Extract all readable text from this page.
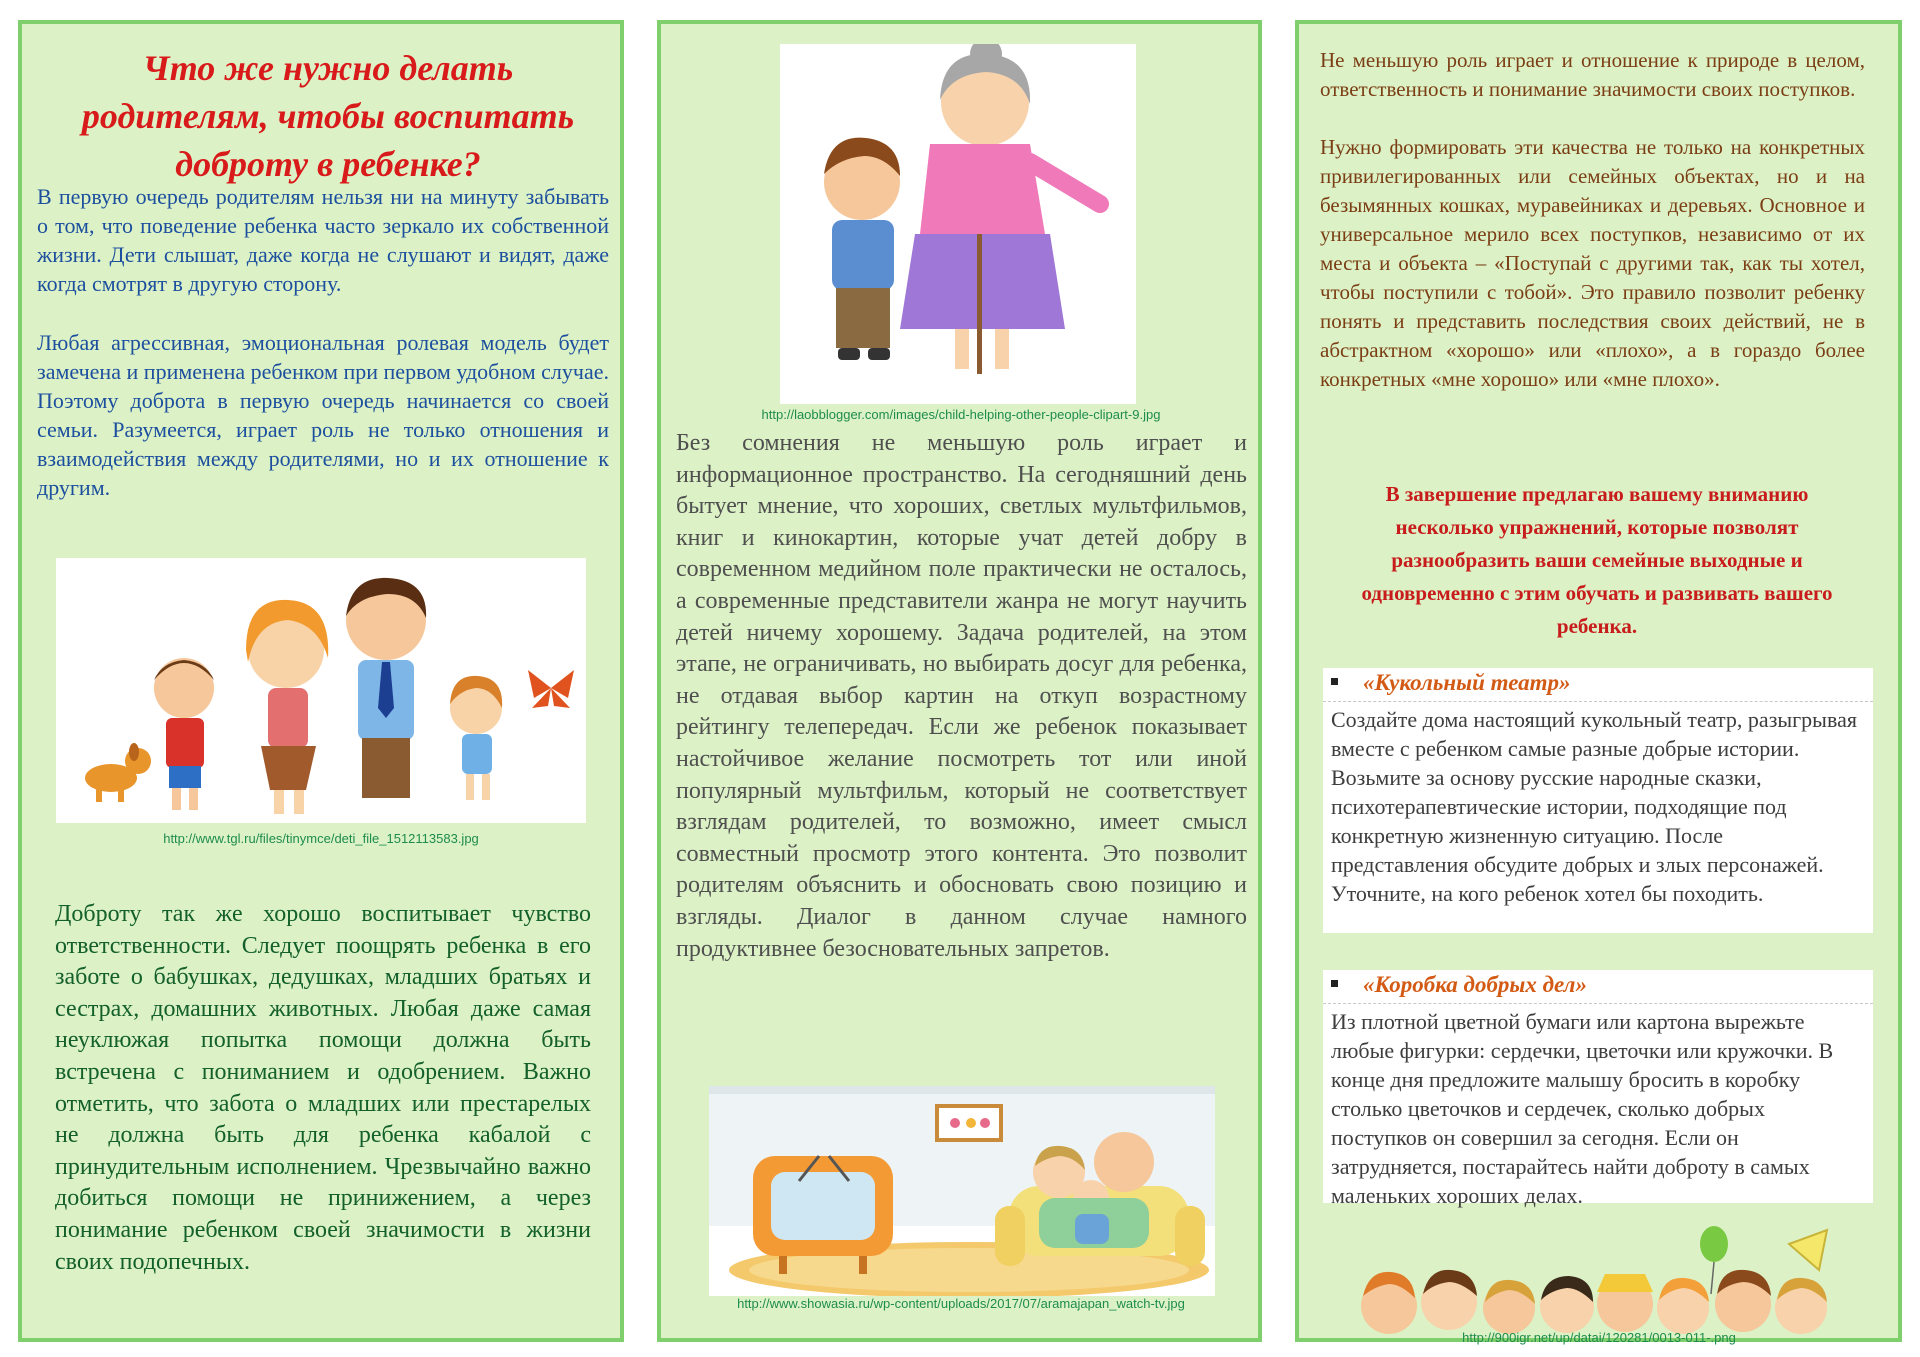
Что же нужно делать родителям, чтобы воспитать доброту в ребенке?

В первую очередь родителям нельзя ни на минуту забывать о том, что поведение ребенка часто зеркало их собственной жизни. Дети слышат, даже когда не слушают и видят, даже когда смотрят в другую сторону.

Любая агрессивная, эмоциональная ролевая модель будет замечена и применена ребенком при первом удобном случае. Поэтому доброта в первую очередь начинается со своей семьи. Разумеется, играет роль не только отношения и взаимодействия между родителями, но и их отношение к другим.

http://www.tgl.ru/files/tinymce/deti_file_1512113583.jpg

Доброту так же хорошо воспитывает чувство ответственности. Следует поощрять ребенка в его заботе о бабушках, дедушках, младших братьях и сестрах, домашних животных. Любая даже самая неуклюжая попытка помощи должна быть встречена с пониманием и одобрением. Важно отметить, что забота о младших или престарелых не должна быть для ребенка кабалой с принудительным исполнением. Чрезвычайно важно добиться помощи не принижением, а через понимание ребенком своей значимости в жизни своих подопечных.

http://laobblogger.com/images/child-helping-other-people-clipart-9.jpg

Без сомнения не меньшую роль играет и информационное пространство. На сегодняшний день бытует мнение, что хороших, светлых мультфильмов, книг и кинокартин, которые учат детей добру в современном медийном поле практически не осталось, а современные представители жанра не могут научить детей ничему хорошему. Задача родителей, на этом этапе, не ограничивать, но выбирать досуг для ребенка, не отдавая выбор картин на откуп возрастному рейтингу телепередач. Если же ребенок показывает настойчивое желание посмотреть тот или иной популярный мультфильм, который не соответствует взглядам родителей, то возможно, имеет смысл совместный просмотр этого контента. Это позволит родителям объяснить и обосновать свою позицию и взгляды. Диалог в данном случае намного продуктивнее безосновательных запретов.

http://www.showasia.ru/wp-content/uploads/2017/07/aramajapan_watch-tv.jpg

Не меньшую роль играет и отношение к природе в целом, ответственность и понимание значимости своих поступков.

Нужно формировать эти качества не только на конкретных привилегированных или семейных объектах, но и на безымянных кошках, муравейниках и деревьях. Основное и универсальное мерило всех поступков, независимо от их места и объекта – «Поступай с другими так, как ты хотел, чтобы поступили с тобой». Это правило позволит ребенку понять и представить последствия своих действий, не в абстрактном «хорошо» или «плохо», а в гораздо более конкретных «мне хорошо» или «мне плохо».

В завершение предлагаю вашему вниманию несколько упражнений, которые позволят разнообразить ваши семейные выходные и одновременно с этим обучать и развивать вашего ребенка.
«Кукольный театр»

Создайте дома настоящий кукольный театр, разыгрывая вместе с ребенком самые разные добрые истории. Возьмите за основу русские народные сказки, психотерапевтические истории, подходящие под конкретную жизненную ситуацию. После представления обсудите добрых и злых персонажей. Уточните, на кого ребенок хотел бы походить.

«Коробка добрых дел»

Из плотной цветной бумаги или картона вырежьте любые фигурки: сердечки, цветочки или кружочки. В конце дня предложите малышу бросить в коробку столько цветочков и сердечек, сколько добрых поступков он совершил за сегодня. Если он затрудняется, постарайтесь найти доброту в самых маленьких хороших делах.

http://900igr.net/up/datai/120281/0013-011-.png
